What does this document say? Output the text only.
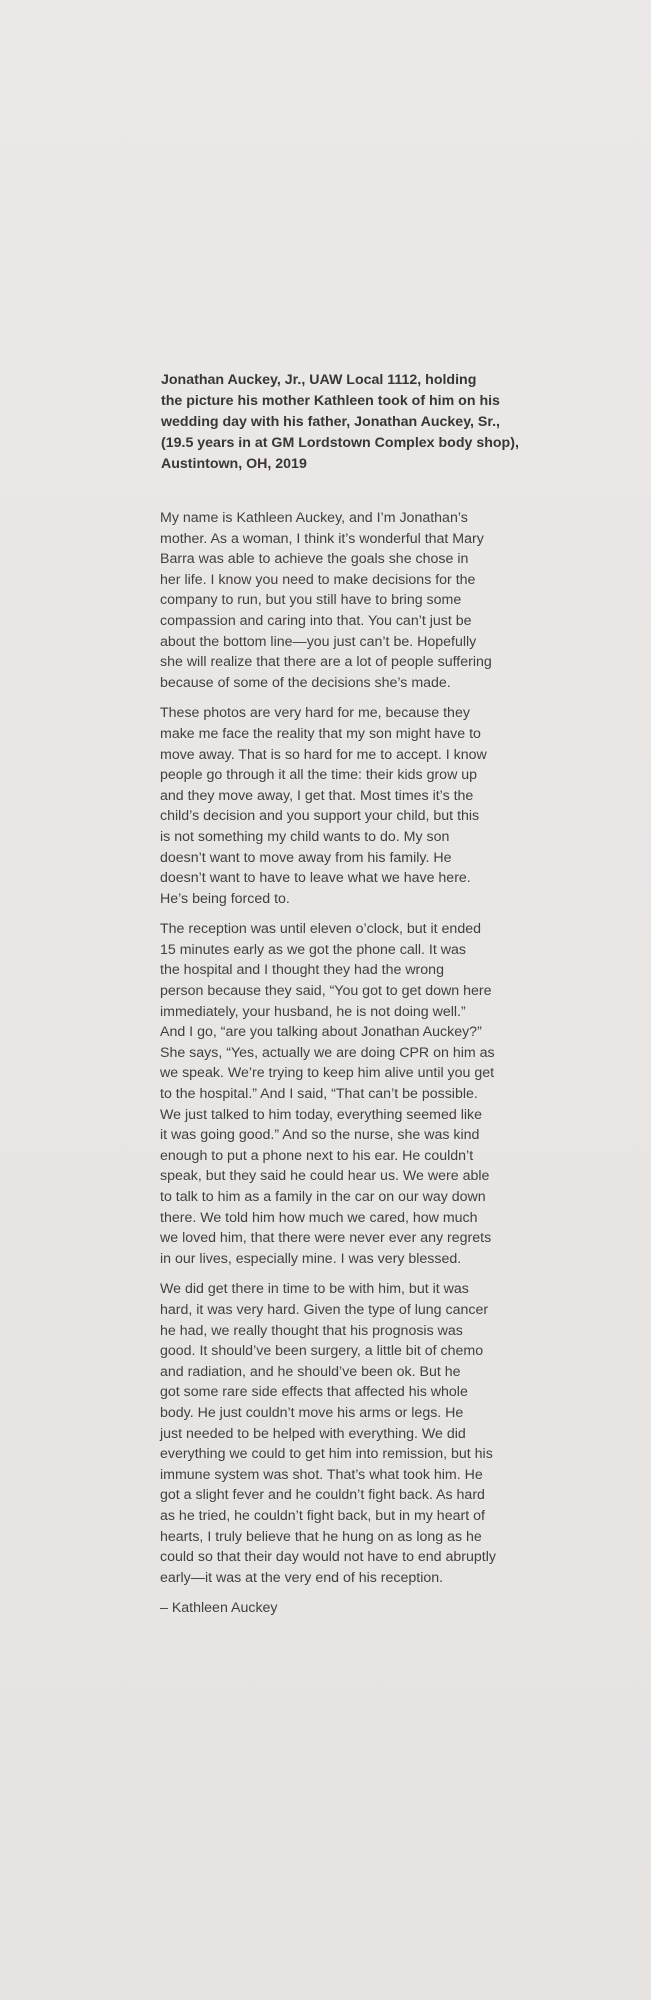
Jonathan Auckey, Jr., UAW Local 1112, holding
the picture his mother Kathleen took of him on his
wedding day with his father, Jonathan Auckey, Sr.,
(19.5 years in at GM Lordstown Complex body shop),
Austintown, OH, 2019
My name is Kathleen Auckey, and I’m Jonathan’s
mother. As a woman, I think it’s wonderful that Mary
Barra was able to achieve the goals she chose in
her life. I know you need to make decisions for the
company to run, but you still have to bring some
compassion and caring into that. You can’t just be
about the bottom line—you just can’t be. Hopefully
she will realize that there are a lot of people suffering
because of some of the decisions she’s made.
These photos are very hard for me, because they
make me face the reality that my son might have to
move away. That is so hard for me to accept. I know
people go through it all the time: their kids grow up
and they move away, I get that. Most times it’s the
child’s decision and you support your child, but this
is not something my child wants to do. My son
doesn’t want to move away from his family. He
doesn’t want to have to leave what we have here.
He’s being forced to.
The reception was until eleven o’clock, but it ended
15 minutes early as we got the phone call. It was
the hospital and I thought they had the wrong
person because they said, “You got to get down here
immediately, your husband, he is not doing well.”
And I go, “are you talking about Jonathan Auckey?”
She says, “Yes, actually we are doing CPR on him as
we speak. We’re trying to keep him alive until you get
to the hospital.” And I said, “That can’t be possible.
We just talked to him today, everything seemed like
it was going good.” And so the nurse, she was kind
enough to put a phone next to his ear. He couldn’t
speak, but they said he could hear us. We were able
to talk to him as a family in the car on our way down
there. We told him how much we cared, how much
we loved him, that there were never ever any regrets
in our lives, especially mine. I was very blessed.
We did get there in time to be with him, but it was
hard, it was very hard. Given the type of lung cancer
he had, we really thought that his prognosis was
good. It should’ve been surgery, a little bit of chemo
and radiation, and he should’ve been ok. But he
got some rare side effects that affected his whole
body. He just couldn’t move his arms or legs. He
just needed to be helped with everything. We did
everything we could to get him into remission, but his
immune system was shot. That’s what took him. He
got a slight fever and he couldn’t fight back. As hard
as he tried, he couldn’t fight back, but in my heart of
hearts, I truly believe that he hung on as long as he
could so that their day would not have to end abruptly
early—it was at the very end of his reception.

– Kathleen Auckey
